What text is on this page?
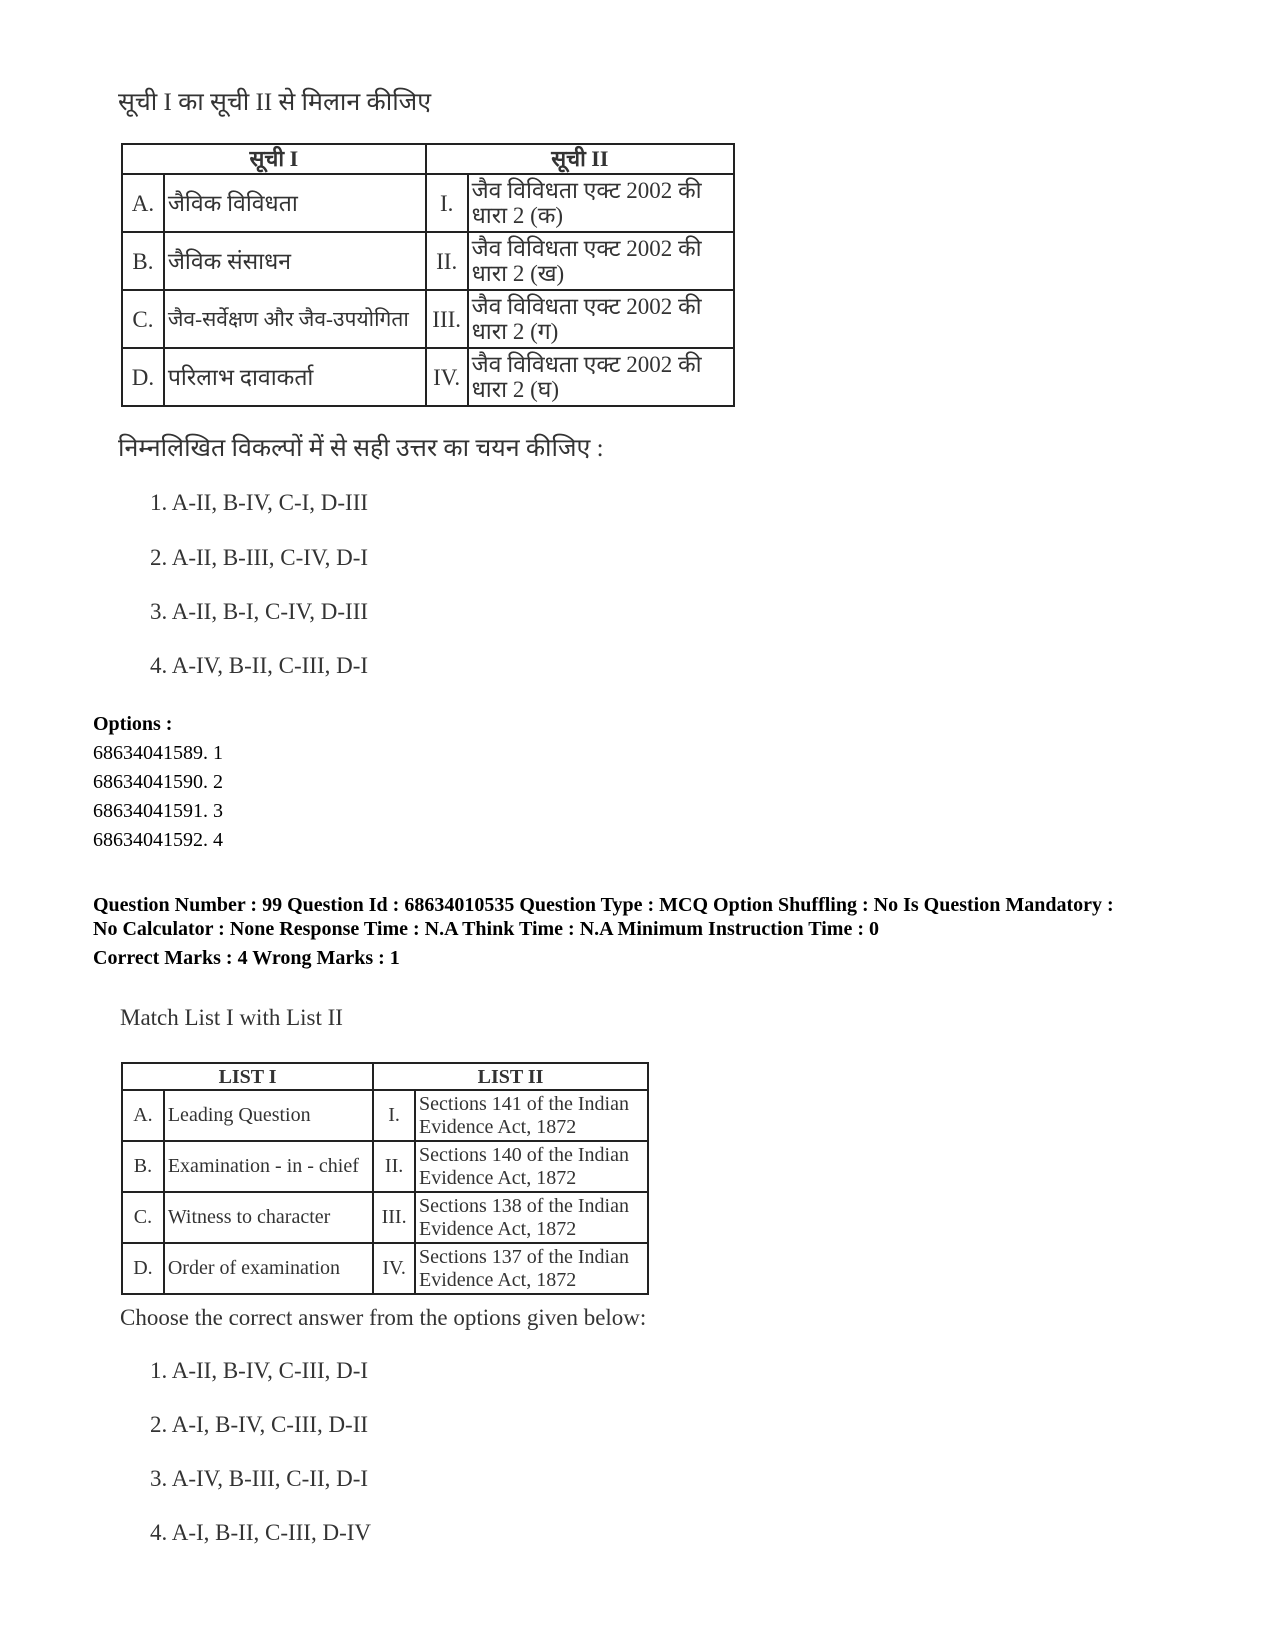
सूची I का सूची II से मिलान कीजिए
सूची I		सूची II	
A.	जैविक विविधता	I.	जैव विविधता एक्ट 2002 की धारा 2 (क)
B.	जैविक संसाधन	II.	जैव विविधता एक्ट 2002 की धारा 2 (ख)
C.	जैव-सर्वेक्षण और जैव-उपयोगिता	III.	जैव विविधता एक्ट 2002 की धारा 2 (ग)
D.	परिलाभ दावाकर्ता	IV.	जैव विविधता एक्ट 2002 की धारा 2 (घ)
निम्नलिखित विकल्पों में से सही उत्तर का चयन कीजिए :
1. A-II, B-IV, C-I, D-III
2. A-II, B-III, C-IV, D-I
3. A-II, B-I, C-IV, D-III
4. A-IV, B-II, C-III, D-I
Options :
68634041589. 1
68634041590. 2
68634041591. 3
68634041592. 4
Question Number : 99 Question Id : 68634010535 Question Type : MCQ Option Shuffling : No Is Question Mandatory :
No Calculator : None Response Time : N.A Think Time : N.A Minimum Instruction Time : 0
Correct Marks : 4 Wrong Marks : 1
Match List I with List II
LIST I		LIST II	
A.	Leading Question	I.	Sections 141 of the Indian Evidence Act, 1872
B.	Examination - in - chief	II.	Sections 140 of the Indian Evidence Act, 1872
C.	Witness to character	III.	Sections 138 of the Indian Evidence Act, 1872
D.	Order of examination	IV.	Sections 137 of the Indian Evidence Act, 1872
Choose the correct answer from the options given below:
1. A-II, B-IV, C-III, D-I
2. A-I, B-IV, C-III, D-II
3. A-IV, B-III, C-II, D-I
4. A-I, B-II, C-III, D-IV
